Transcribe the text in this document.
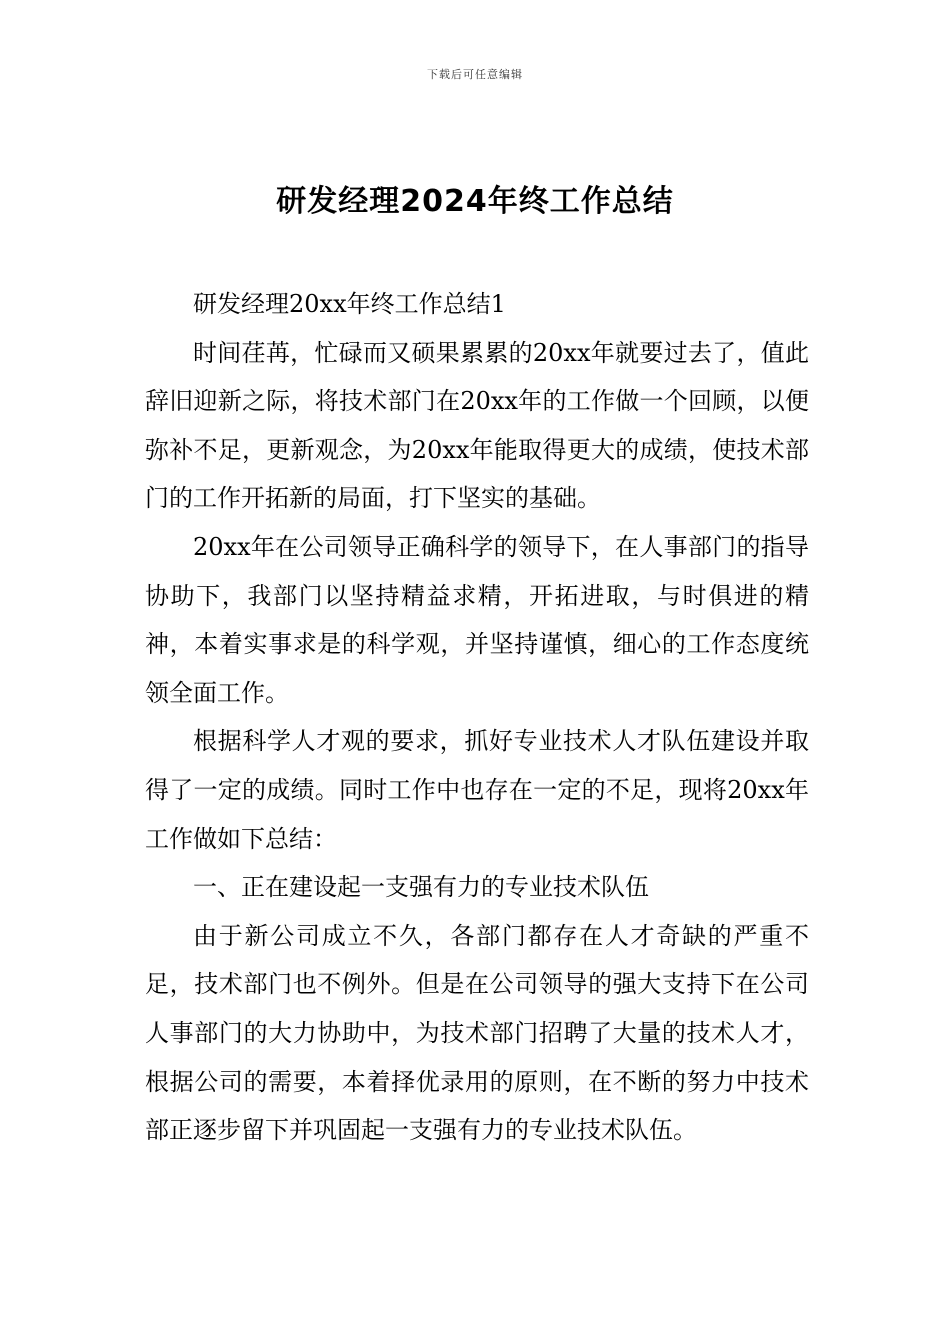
下载后可任意编辑
研发经理2024年终工作总结

研发经理20xx年终工作总结1

时间荏苒，忙碌而又硕果累累的20xx年就要过去了，值此辞旧迎新之际，将技术部门在20xx年的工作做一个回顾，以便弥补不足，更新观念，为20xx年能取得更大的成绩，使技术部门的工作开拓新的局面，打下坚实的基础。

20xx年在公司领导正确科学的领导下，在人事部门的指导协助下，我部门以坚持精益求精，开拓进取，与时俱进的精神，本着实事求是的科学观，并坚持谨慎，细心的工作态度统领全面工作。

根据科学人才观的要求，抓好专业技术人才队伍建设并取得了一定的成绩。同时工作中也存在一定的不足，现将20xx年工作做如下总结：

一、正在建设起一支强有力的专业技术队伍

由于新公司成立不久，各部门都存在人才奇缺的严重不足，技术部门也不例外。但是在公司领导的强大支持下在公司人事部门的大力协助中，为技术部门招聘了大量的技术人才，根据公司的需要，本着择优录用的原则，在不断的努力中技术部正逐步留下并巩固起一支强有力的专业技术队伍。
